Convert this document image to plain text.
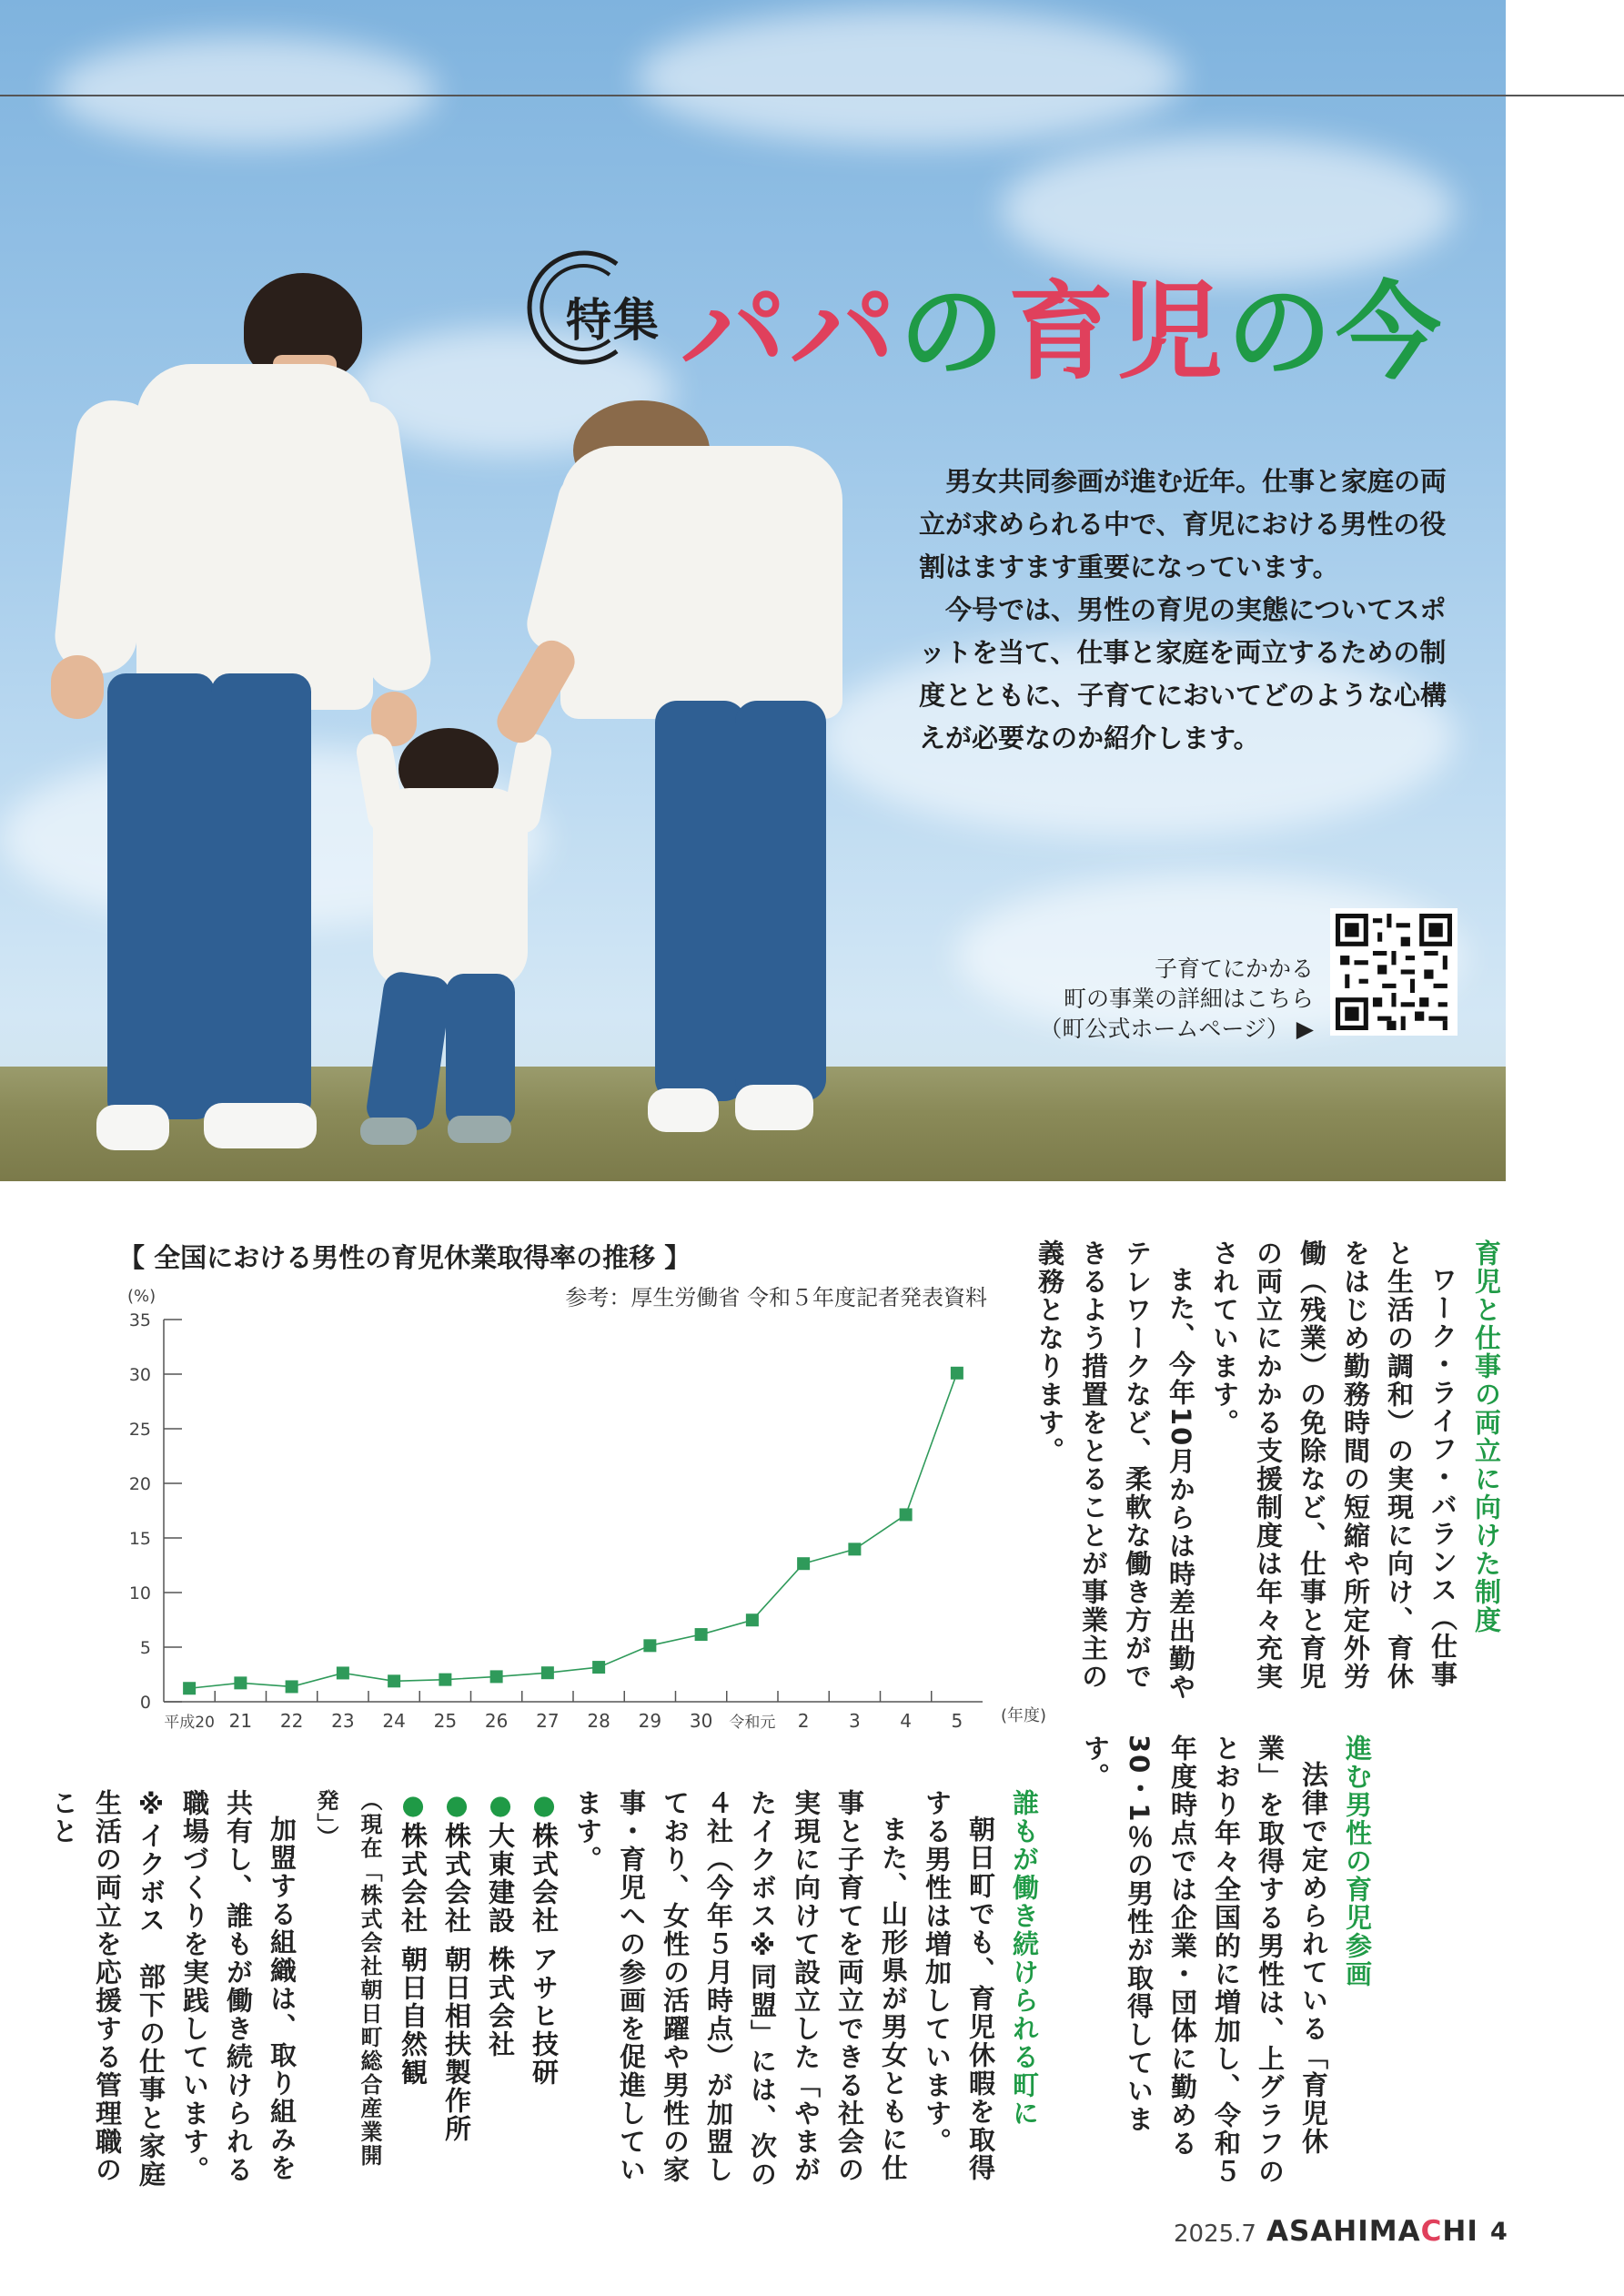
特集 パパの育児の今

男女共同参画が進む近年。仕事と家庭の両立が求められる中で、育児における男性の役割はますます重要になっています。

今号では、男性の育児の実態についてスポットを当て、仕事と家庭を両立するための制度とともに、子育てにおいてどのような心構えが必要なのか紹介します。

子育てにかかる
町の事業の詳細はこちら
（町公式ホームページ） ▶
【 全国における男性の育児休業取得率の推移 】
参考：厚生労働省 令和５年度記者発表資料
(%)
(年度)
0
5
10
15
20
25
30
35
平成20 21 22 23 24 25 26 27 28 29 30 令和元 2 3 4 5

育児と仕事の両立に向けた制度

ワーク・ライフ・バランス（仕事と生活の調和）の実現に向け、育休をはじめ勤務時間の短縮や所定外労働（残業）の免除など、仕事と育児の両立にかかる支援制度は年々充実されています。

また、今年10月からは時差出勤やテレワークなど、柔軟な働き方ができるよう措置をとることが事業主の義務となります。

進む男性の育児参画

法律で定められている「育児休業」を取得する男性は、上グラフのとおり年々全国的に増加し、令和５年度時点では企業・団体に勤める30・1％の男性が取得しています。

誰もが働き続けられる町に

朝日町でも、育児休暇を取得する男性は増加しています。

また、山形県が男女ともに仕事と子育てを両立できる社会の実現に向けて設立した「やまがたイクボス※同盟」には、次の４社（今年５月時点）が加盟しており、女性の活躍や男性の家事・育児への参画を促進しています。

●株式会社 アサヒ技研

●大東建設 株式会社

●株式会社 朝日相扶製作所

●株式会社 朝日自然観

（現在「株式会社朝日町総合産業開発」）

加盟する組織は、取り組みを共有し、誰もが働き続けられる職場づくりを実践しています。

※イクボス　部下の仕事と家庭生活の両立を応援する管理職のこと

2025.7 ASAHIMACHI 4
